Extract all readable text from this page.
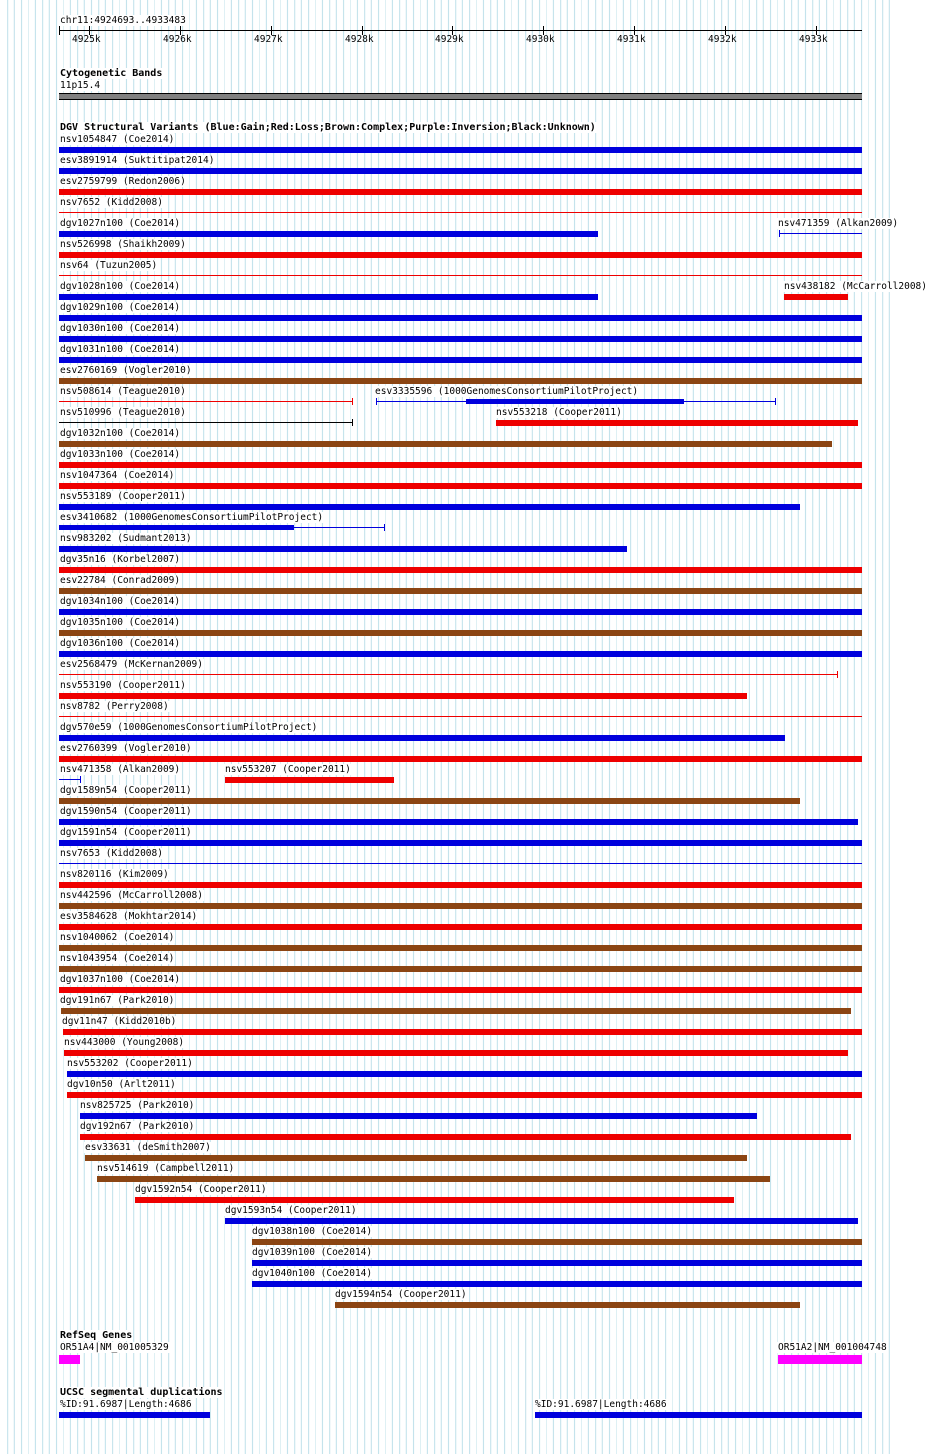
chr11:4924693..4933483
4925k	4926k	4927k	4928k	4929k	4930k	4931k	4932k	4933k
Cytogenetic Bands
11p15.4
DGV Structural Variants (Blue:Gain;Red:Loss;Brown:Complex;Purple:Inversion;Black:Unknown)
nsv1054847 (Coe2014)
esv3891914 (Suktitipat2014)
esv2759799 (Redon2006)
nsv7652 (Kidd2008)
dgv1027n100 (Coe2014)	nsv471359 (Alkan2009)
nsv526998 (Shaikh2009)
nsv64 (Tuzun2005)
dgv1028n100 (Coe2014)	nsv438182 (McCarroll2008)
dgv1029n100 (Coe2014)
dgv1030n100 (Coe2014)
dgv1031n100 (Coe2014)
esv2760169 (Vogler2010)
nsv508614 (Teague2010)	esv3335596 (1000GenomesConsortiumPilotProject)
nsv510996 (Teague2010)	nsv553218 (Cooper2011)
dgv1032n100 (Coe2014)
dgv1033n100 (Coe2014)
nsv1047364 (Coe2014)
nsv553189 (Cooper2011)
esv3410682 (1000GenomesConsortiumPilotProject)
nsv983202 (Sudmant2013)
dgv35n16 (Korbel2007)
esv22784 (Conrad2009)
dgv1034n100 (Coe2014)
dgv1035n100 (Coe2014)
dgv1036n100 (Coe2014)
esv2568479 (McKernan2009)
nsv553190 (Cooper2011)
nsv8782 (Perry2008)
dgv570e59 (1000GenomesConsortiumPilotProject)
esv2760399 (Vogler2010)
nsv471358 (Alkan2009)	nsv553207 (Cooper2011)
dgv1589n54 (Cooper2011)
dgv1590n54 (Cooper2011)
dgv1591n54 (Cooper2011)
nsv7653 (Kidd2008)
nsv820116 (Kim2009)
nsv442596 (McCarroll2008)
esv3584628 (Mokhtar2014)
nsv1040062 (Coe2014)
nsv1043954 (Coe2014)
dgv1037n100 (Coe2014)
dgv191n67 (Park2010)
dgv11n47 (Kidd2010b)
nsv443000 (Young2008)
nsv553202 (Cooper2011)
dgv10n50 (Arlt2011)
nsv825725 (Park2010)
dgv192n67 (Park2010)
esv33631 (deSmith2007)
nsv514619 (Campbell2011)
dgv1592n54 (Cooper2011)
dgv1593n54 (Cooper2011)
dgv1038n100 (Coe2014)
dgv1039n100 (Coe2014)
dgv1040n100 (Coe2014)
dgv1594n54 (Cooper2011)
RefSeq Genes
OR51A4|NM_001005329	OR51A2|NM_001004748
UCSC segmental duplications
%ID:91.6987|Length:4686	%ID:91.6987|Length:4686
